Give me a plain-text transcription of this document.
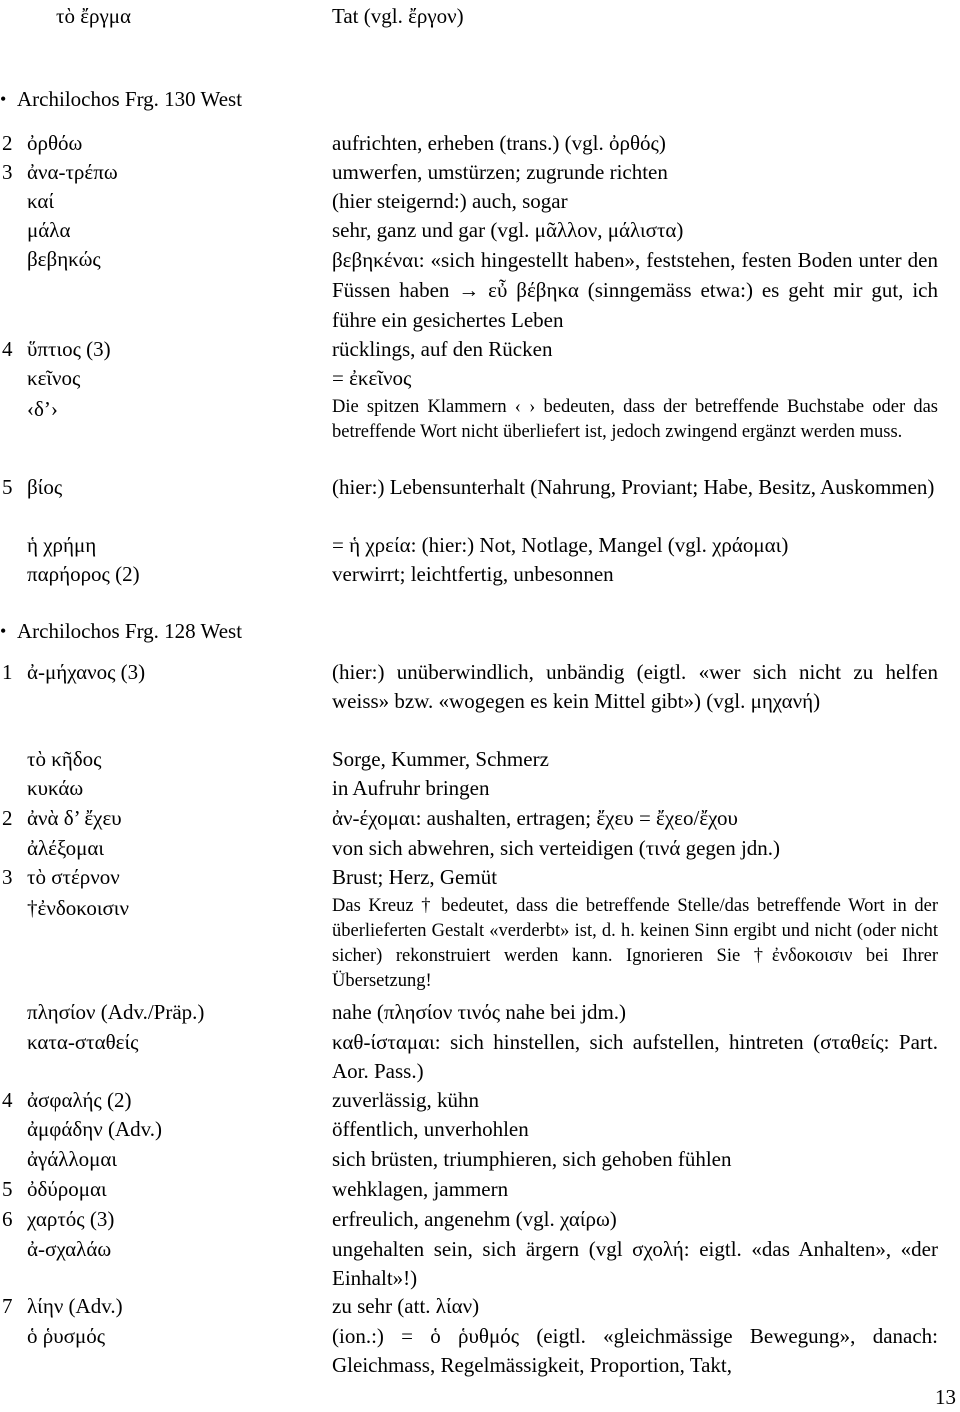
τὸ ἔργμα	Tat (vgl. ἔργον)
• Archilochos Frg. 130 West
2 ὀρθόω	aufrichten, erheben (trans.) (vgl. ὀρθός)
3 ἀνα-τρέπω	umwerfen, umstürzen; zugrunde richten
καί	(hier steigernd:) auch, sogar
μάλα	sehr, ganz und gar (vgl. μᾶλλον, μάλιστα)
βεβηκώς	βεβηκέναι: «sich hingestellt haben», feststehen, festen Boden unter den Füssen haben → εὖ βέβηκα (sinngemäss etwa:) es geht mir gut, ich führe ein gesichertes Leben
4 ὕπτιος (3)	rücklings, auf den Rücken
κεῖνος	= ἐκεῖνος
‹δ’›	Die spitzen Klammern ‹ › bedeuten, dass der betreffende Buchstabe oder das betreffende Wort nicht überliefert ist, jedoch zwingend ergänzt werden muss.
5 βίος	(hier:) Lebensunterhalt (Nahrung, Proviant; Habe, Besitz, Auskommen)
ἡ χρήμη	= ἡ χρεία: (hier:) Not, Notlage, Mangel (vgl. χράομαι)
παρήορος (2)	verwirrt; leichtfertig, unbesonnen
• Archilochos Frg. 128 West
1 ἀ-μήχανος (3)	(hier:) unüberwindlich, unbändig (eigtl. «wer sich nicht zu helfen weiss» bzw. «wogegen es kein Mittel gibt») (vgl. μηχανή)
τὸ κῆδος	Sorge, Kummer, Schmerz
κυκάω	in Aufruhr bringen
2 ἀνὰ δ’ ἔχευ	ἀν-έχομαι: aushalten, ertragen; ἔχευ = ἔχεο/ἔχου
ἀλέξομαι	von sich abwehren, sich verteidigen (τινά gegen jdn.)
3 τὸ στέρνον	Brust; Herz, Gemüt
†ἐνδοκοισιν	Das Kreuz † bedeutet, dass die betreffende Stelle/das betreffende Wort in der überlieferten Gestalt «verderbt» ist, d. h. keinen Sinn ergibt und nicht (oder nicht sicher) rekonstruiert werden kann. Ignorieren Sie †ἐνδοκοισιν bei Ihrer Übersetzung!
πλησίον (Adv./Präp.)	nahe (πλησίον τινός nahe bei jdm.)
κατα-σταθείς	καθ-ίσταμαι: sich hinstellen, sich aufstellen, hintreten (σταθείς: Part. Aor. Pass.)
4 ἀσφαλής (2)	zuverlässig, kühn
ἀμφάδην (Adv.)	öffentlich, unverhohlen
ἀγάλλομαι	sich brüsten, triumphieren, sich gehoben fühlen
5 ὀδύρομαι	wehklagen, jammern
6 χαρτός (3)	erfreulich, angenehm (vgl. χαίρω)
ἀ-σχαλάω	ungehalten sein, sich ärgern (vgl σχολή: eigtl. «das Anhalten», «der Einhalt»!)
7 λίην (Adv.)	zu sehr (att. λίαν)
ὁ ῥυσμός	(ion.:) = ὁ ῥυθμός (eigtl. «gleichmässige Bewegung», danach: Gleichmass, Regelmässigkeit, Proportion, Takt,
13
